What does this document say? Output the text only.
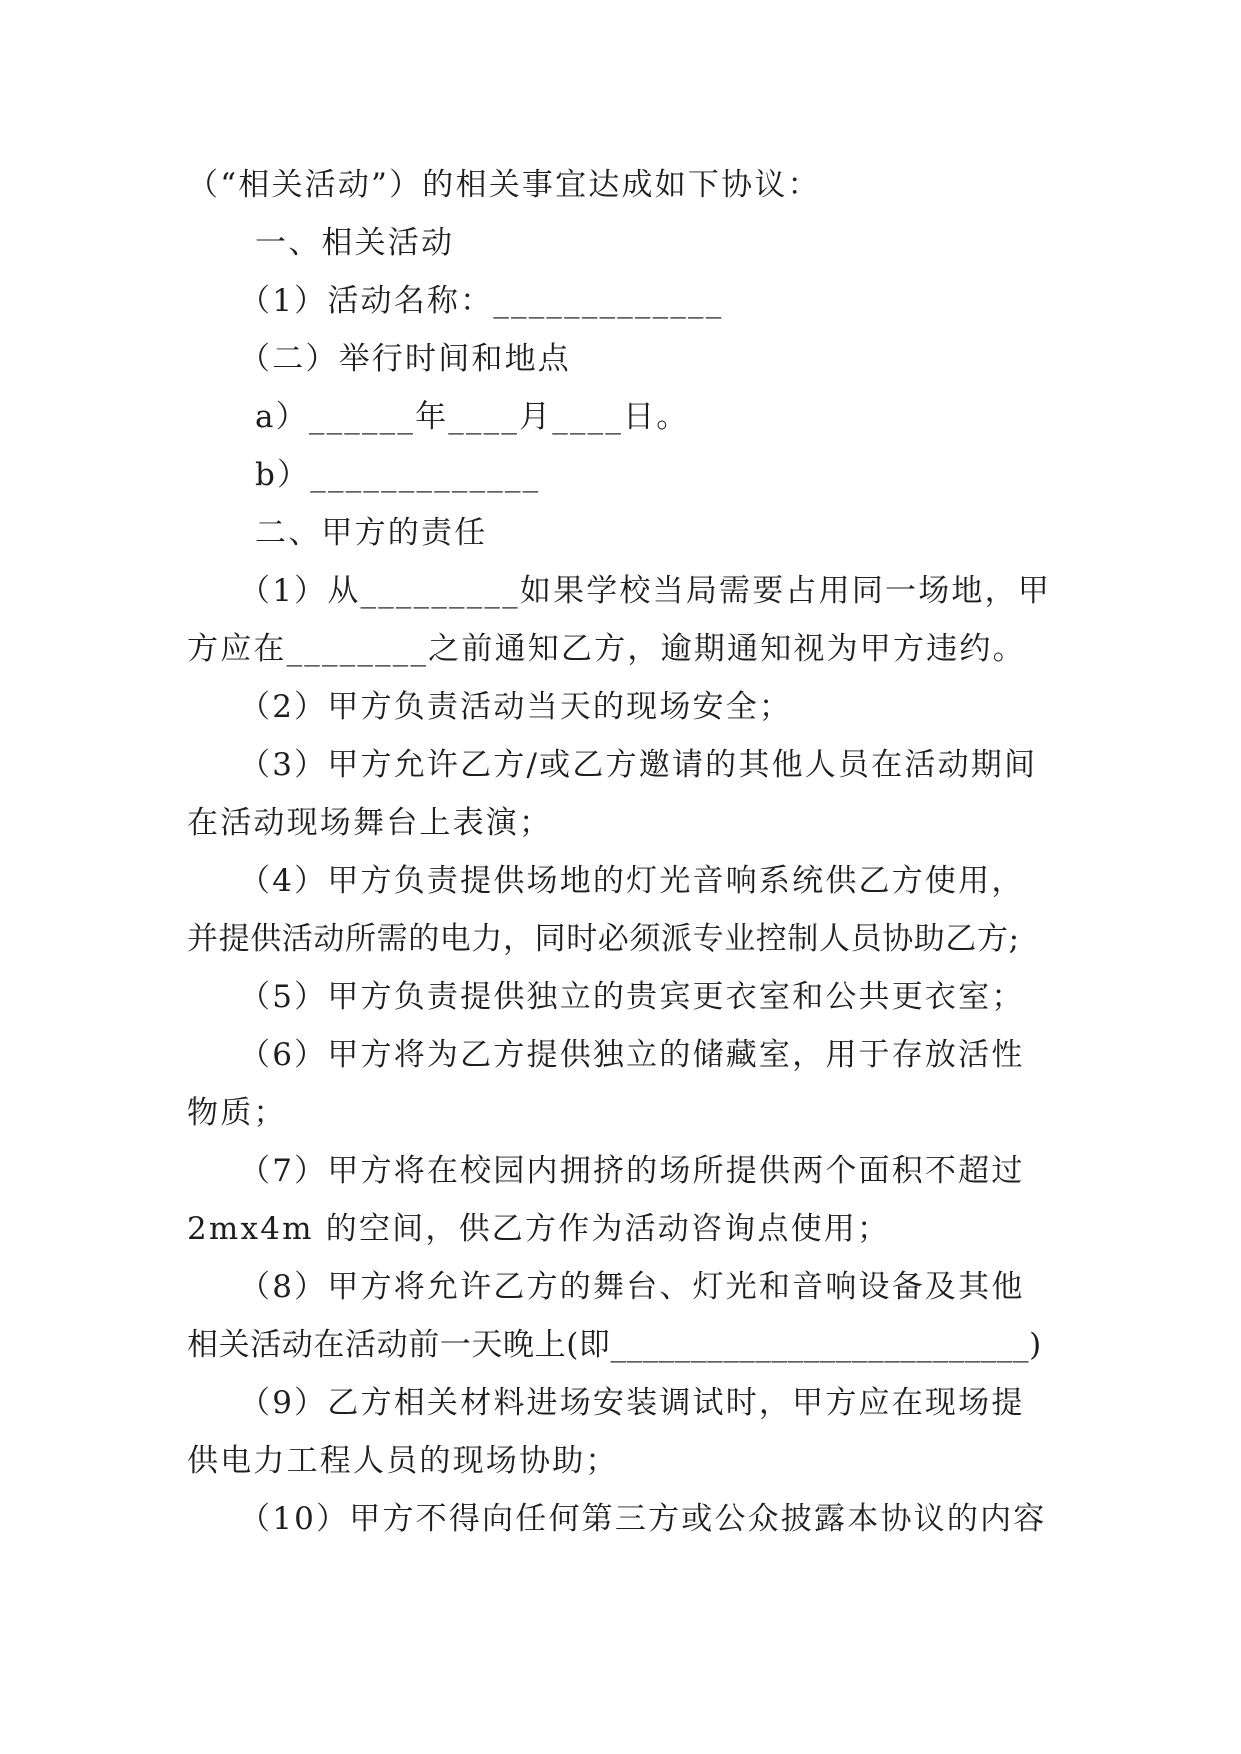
（“相关活动”）的相关事宜达成如下协议：
一、相关活动
（1）活动名称：_____________
（二）举行时间和地点
a）______年____月____日。
b）_____________
二、甲方的责任
（1）从_________如果学校当局需要占用同一场地，甲
方应在________之前通知乙方，逾期通知视为甲方违约。
（2）甲方负责活动当天的现场安全；
（3）甲方允许乙方/或乙方邀请的其他人员在活动期间
在活动现场舞台上表演；
（4）甲方负责提供场地的灯光音响系统供乙方使用，
并提供活动所需的电力，同时必须派专业控制人员协助乙方;
（5）甲方负责提供独立的贵宾更衣室和公共更衣室；
（6）甲方将为乙方提供独立的储藏室，用于存放活性
物质；
（7）甲方将在校园内拥挤的场所提供两个面积不超过
2mx4m 的空间，供乙方作为活动咨询点使用；
（8）甲方将允许乙方的舞台、灯光和音响设备及其他
相关活动在活动前一天晚上(即__________________________)
（9）乙方相关材料进场安装调试时，甲方应在现场提
供电力工程人员的现场协助；
（10）甲方不得向任何第三方或公众披露本协议的内容
